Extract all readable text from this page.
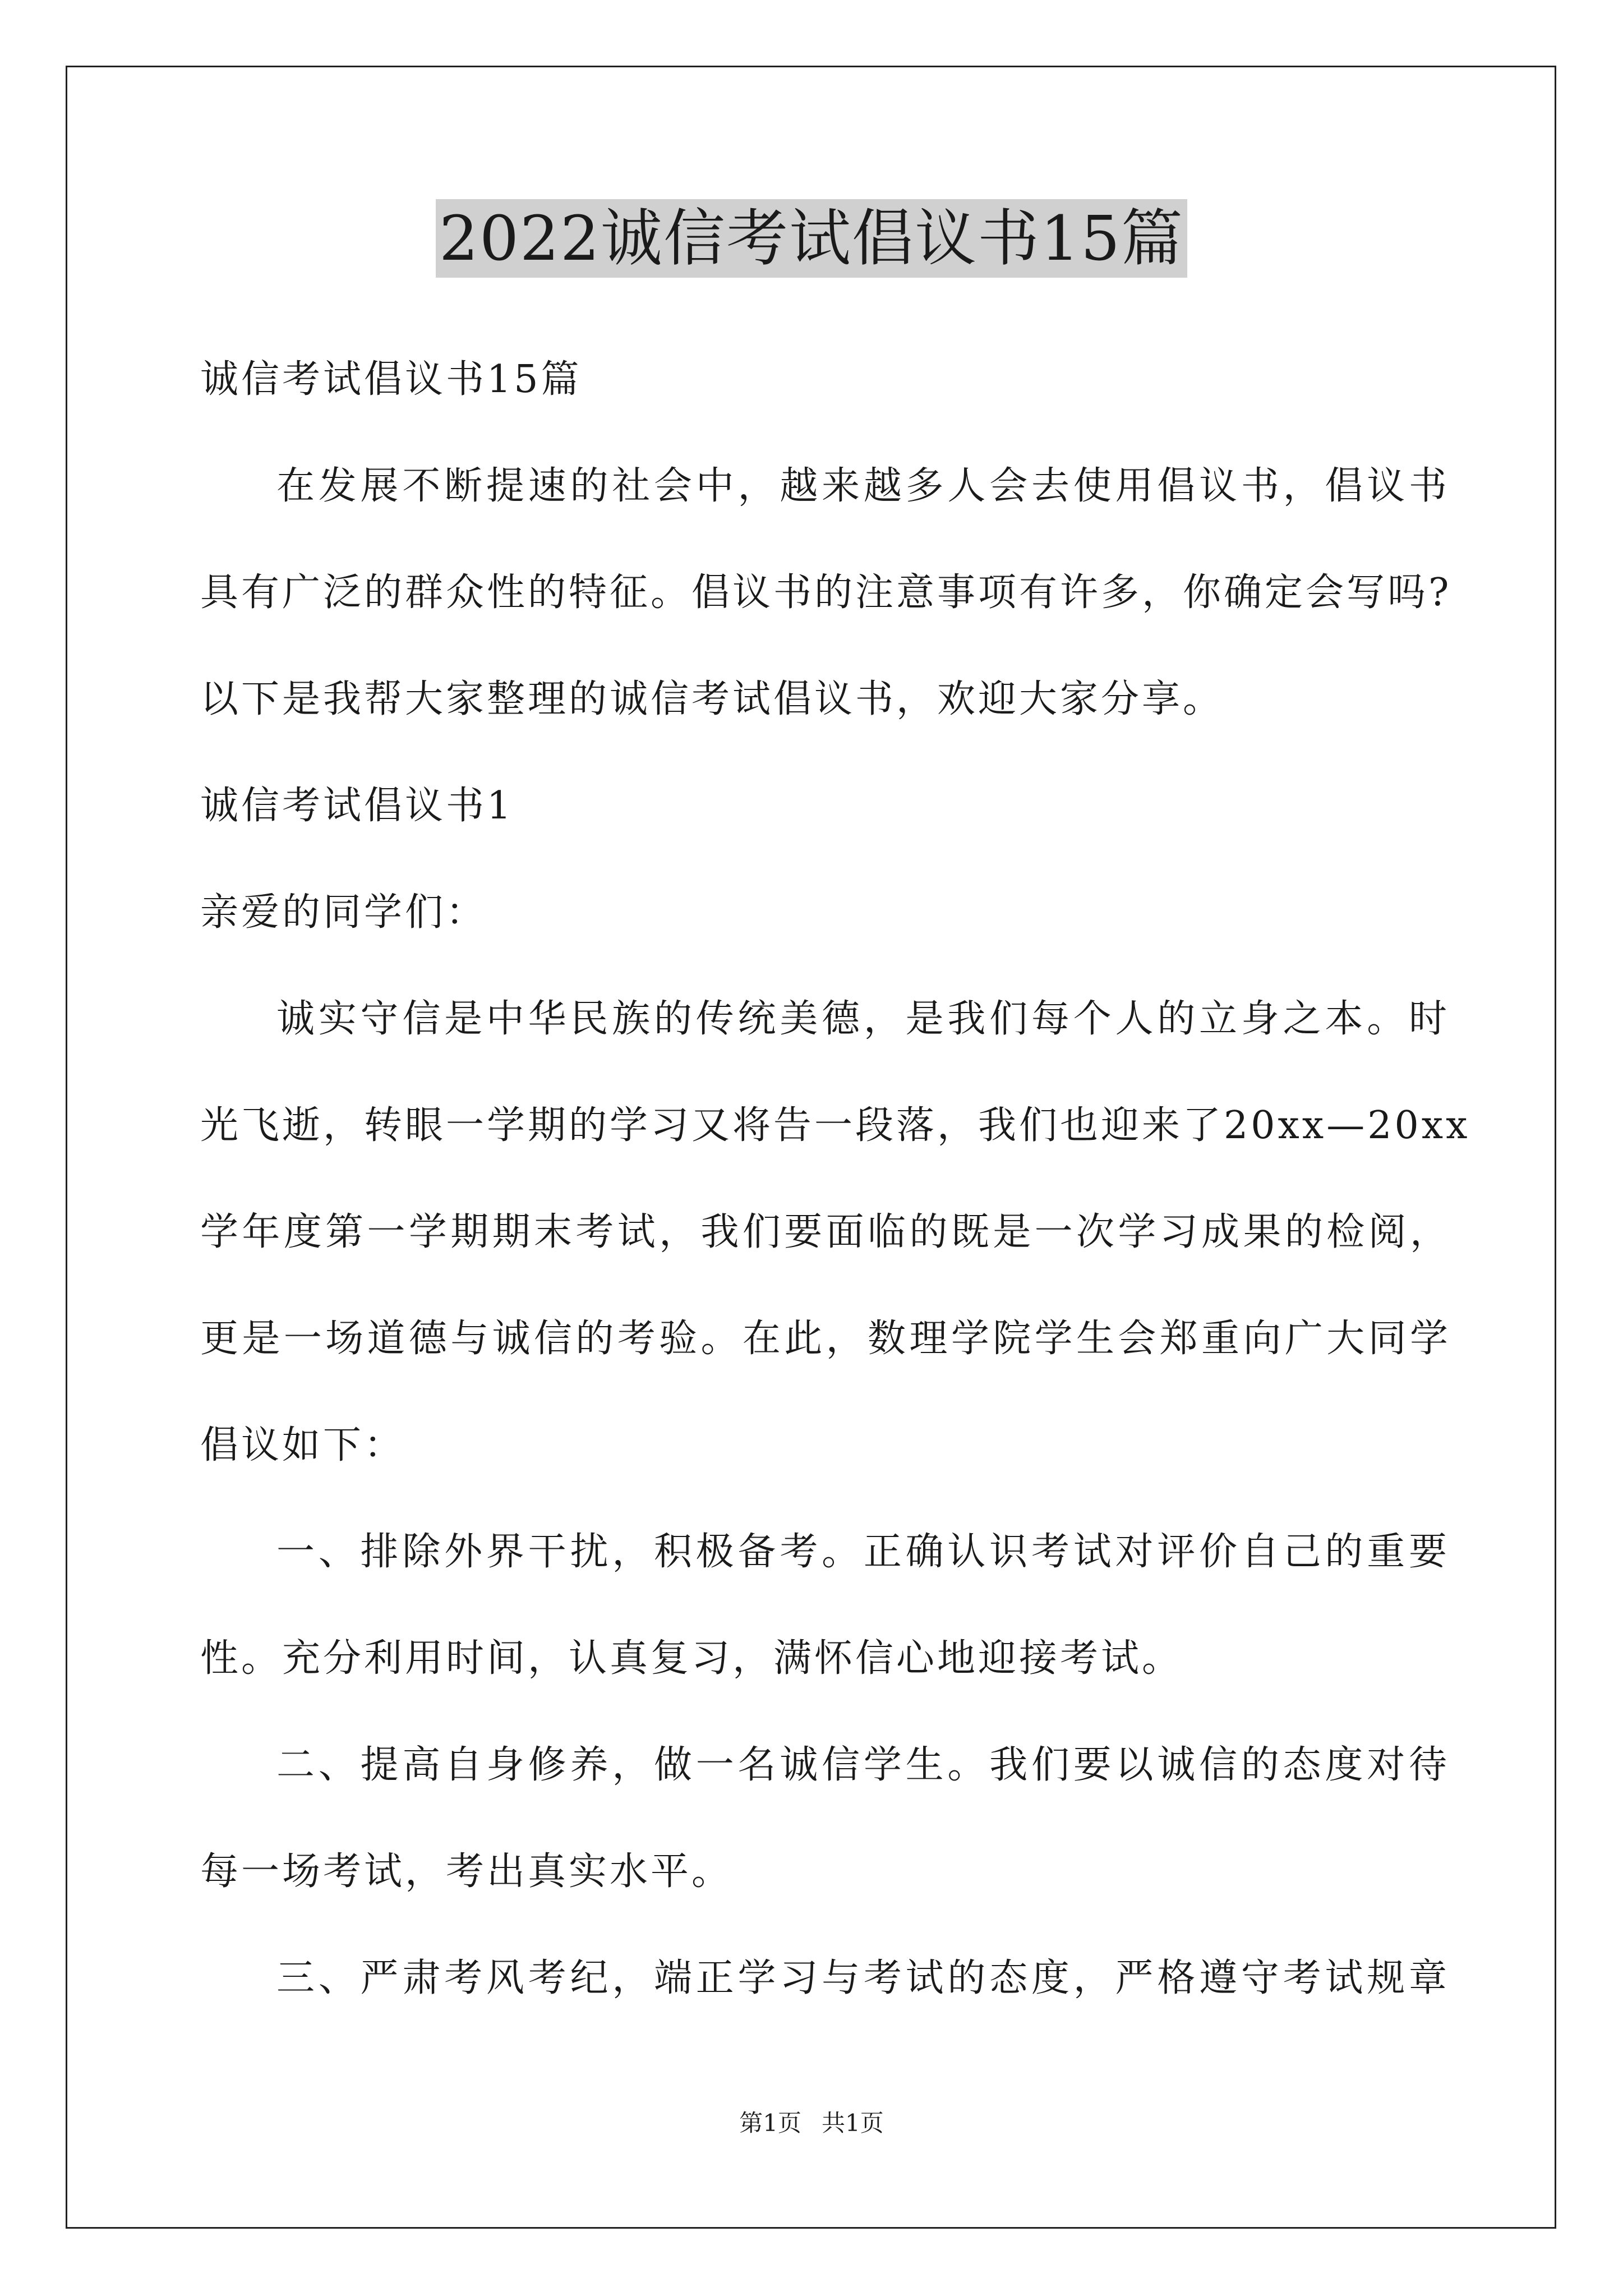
2022诚信考试倡议书15篇
诚信考试倡议书15篇
在发展不断提速的社会中，越来越多人会去使用倡议书，倡议书
具有广泛的群众性的特征。倡议书的注意事项有许多，你确定会写吗?
以下是我帮大家整理的诚信考试倡议书，欢迎大家分享。
诚信考试倡议书1
亲爱的同学们：
诚实守信是中华民族的传统美德，是我们每个人的立身之本。时
光飞逝，转眼一学期的学习又将告一段落，我们也迎来了20xx—20xx
学年度第一学期期末考试，我们要面临的既是一次学习成果的检阅，
更是一场道德与诚信的考验。在此，数理学院学生会郑重向广大同学
倡议如下：
一、排除外界干扰，积极备考。正确认识考试对评价自己的重要
性。充分利用时间，认真复习，满怀信心地迎接考试。
二、提高自身修养，做一名诚信学生。我们要以诚信的态度对待
每一场考试，考出真实水平。
三、严肃考风考纪，端正学习与考试的态度，严格遵守考试规章
第1页 共1页
